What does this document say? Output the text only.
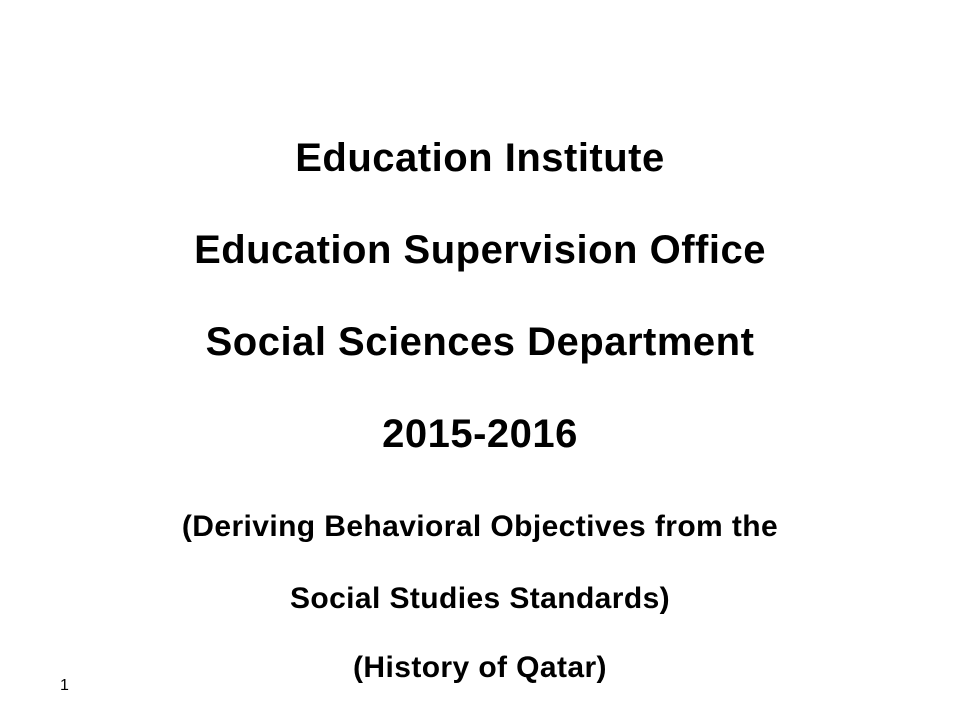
Education Institute
Education Supervision Office
Social Sciences Department
2015-2016
(Deriving Behavioral Objectives from the
Social Studies Standards)
(History of Qatar)
1
